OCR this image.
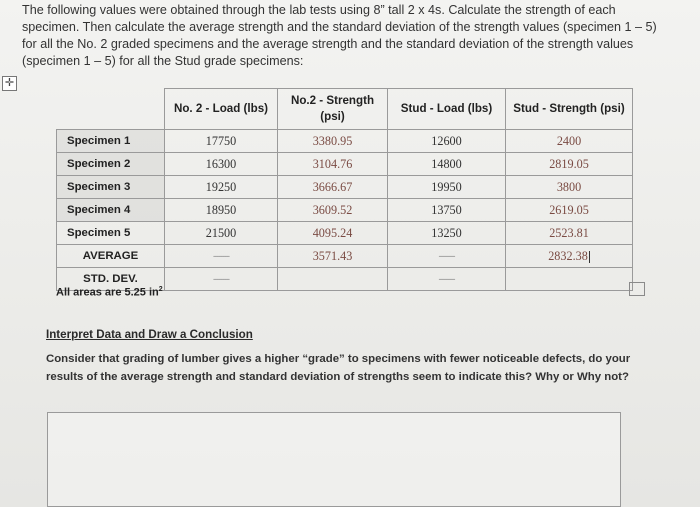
The following values were obtained through the lab tests using 8” tall 2 x 4s. Calculate the strength of each specimen. Then calculate the average strength and the standard deviation of the strength values (specimen 1 – 5) for all the No. 2 graded specimens and the average strength and the standard deviation of the strength values (specimen 1 – 5) for all the Stud grade specimens:

✛
	No. 2 - Load (lbs)	No.2 - Strength (psi)	Stud - Load (lbs)	Stud - Strength (psi)
Specimen 1	17750	3380.95	12600	2400
Specimen 2	16300	3104.76	14800	2819.05
Specimen 3	19250	3666.67	19950	3800
Specimen 4	18950	3609.52	13750	2619.05
Specimen 5	21500	4095.24	13250	2523.81
AVERAGE	--------	3571.43	--------	2832.38
STD. DEV.	--------		--------	
All areas are 5.25 $in^2$
Interpret Data and Draw a Conclusion
Consider that grading of lumber gives a higher “grade” to specimens with fewer noticeable defects, do your results of the average strength and standard deviation of strengths seem to indicate this? Why or Why not?
